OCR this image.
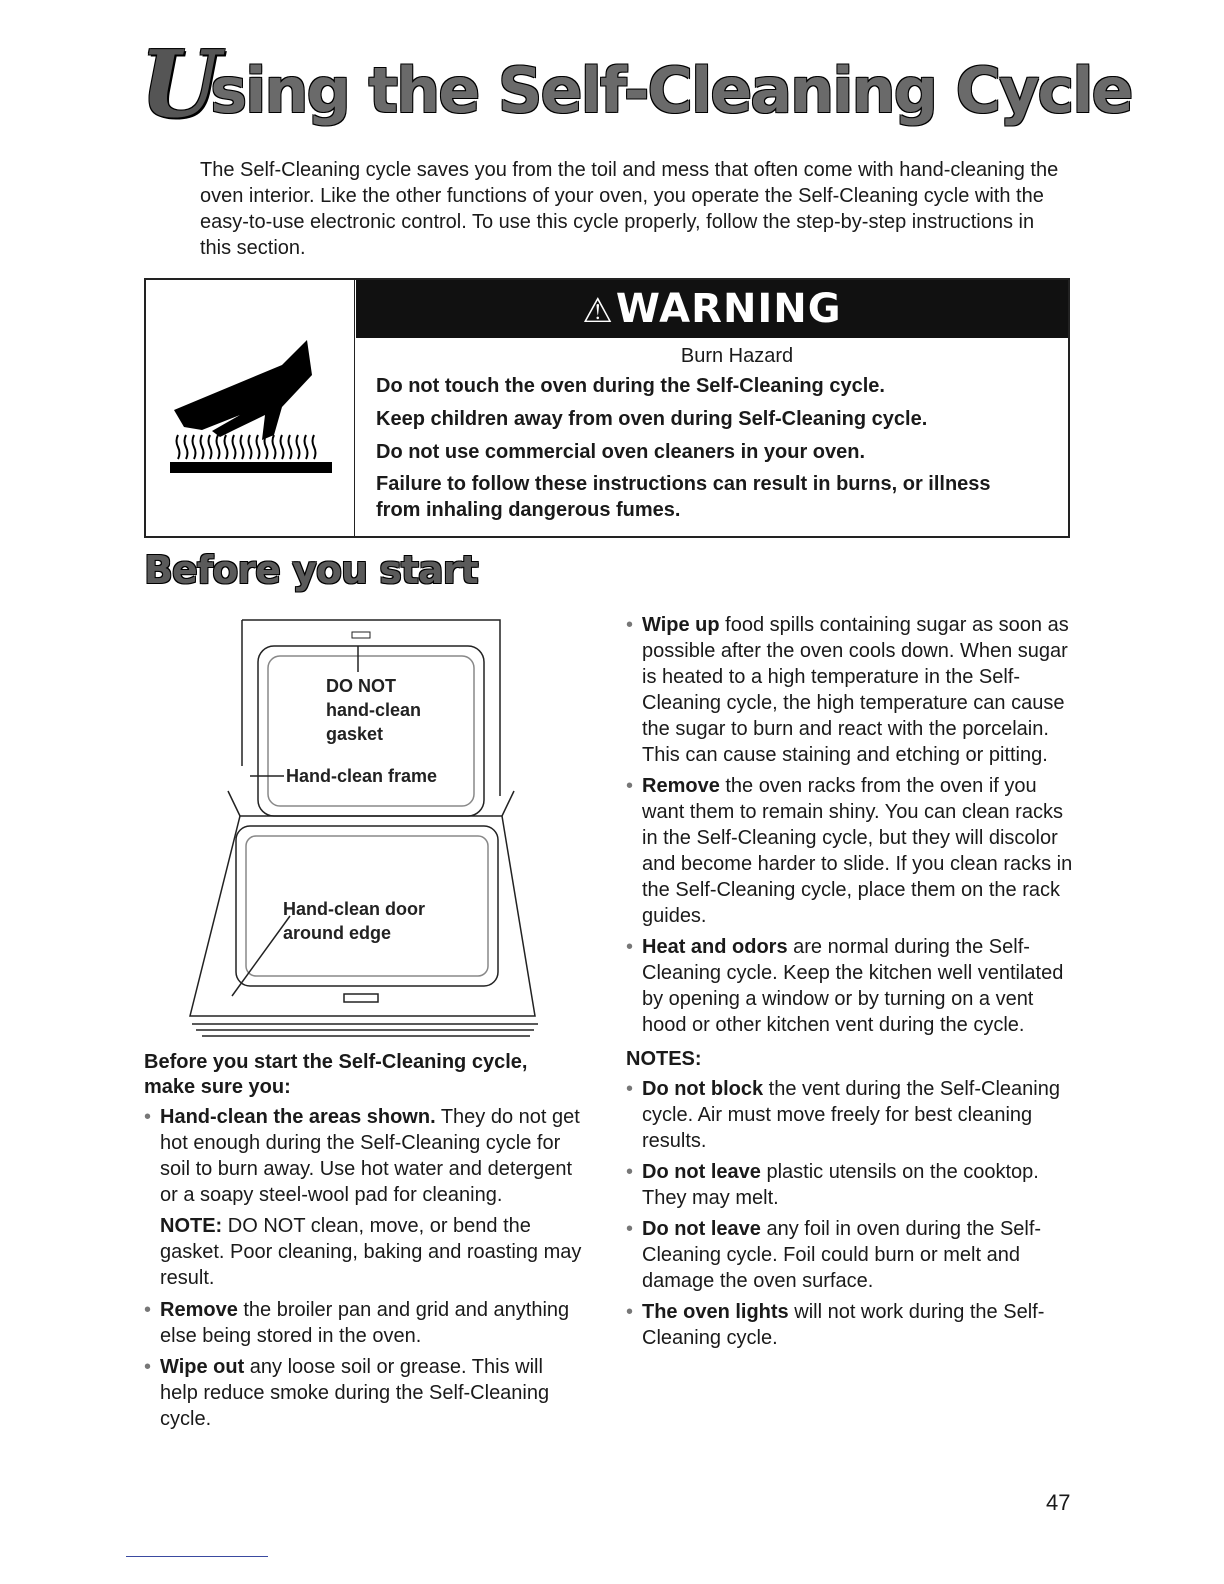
Using the Self-Cleaning Cycle

The Self-Cleaning cycle saves you from the toil and mess that often come with hand-cleaning the oven interior. Like the other functions of your oven, you operate the Self-Cleaning cycle with the easy-to-use electronic control. To use this cycle properly, follow the step-by-step instructions in this section.

⚠WARNING
Burn Hazard

Do not touch the oven during the Self-Cleaning cycle.

Keep children away from oven during Self-Cleaning cycle.

Do not use commercial oven cleaners in your oven.

Failure to follow these instructions can result in burns, or illness from inhaling dangerous fumes.

Before you start
DO NOT
hand-clean
gasket
Hand-clean frame
Hand-clean door
around edge

Before you start the Self-Cleaning cycle, make sure you:

• Hand-clean the areas shown. They do not get hot enough during the Self-Cleaning cycle for soil to burn away. Use hot water and detergent or a soapy steel-wool pad for cleaning.

NOTE: DO NOT clean, move, or bend the gasket. Poor cleaning, baking and roasting may result.

• Remove the broiler pan and grid and anything else being stored in the oven.
• Wipe out any loose soil or grease. This will help reduce smoke during the Self-Cleaning cycle.
• Wipe up food spills containing sugar as soon as possible after the oven cools down. When sugar is heated to a high temperature in the Self-Cleaning cycle, the high temperature can cause the sugar to burn and react with the porcelain. This can cause staining and etching or pitting.
• Remove the oven racks from the oven if you want them to remain shiny. You can clean racks in the Self-Cleaning cycle, but they will discolor and become harder to slide. If you clean racks in the Self-Cleaning cycle, place them on the rack guides.
• Heat and odors are normal during the Self-Cleaning cycle. Keep the kitchen well ventilated by opening a window or by turning on a vent hood or other kitchen vent during the cycle.
NOTES:
• Do not block the vent during the Self-Cleaning cycle. Air must move freely for best cleaning results.
• Do not leave plastic utensils on the cooktop. They may melt.
• Do not leave any foil in oven during the Self-Cleaning cycle. Foil could burn or melt and damage the oven surface.
• The oven lights will not work during the Self-Cleaning cycle.
47
